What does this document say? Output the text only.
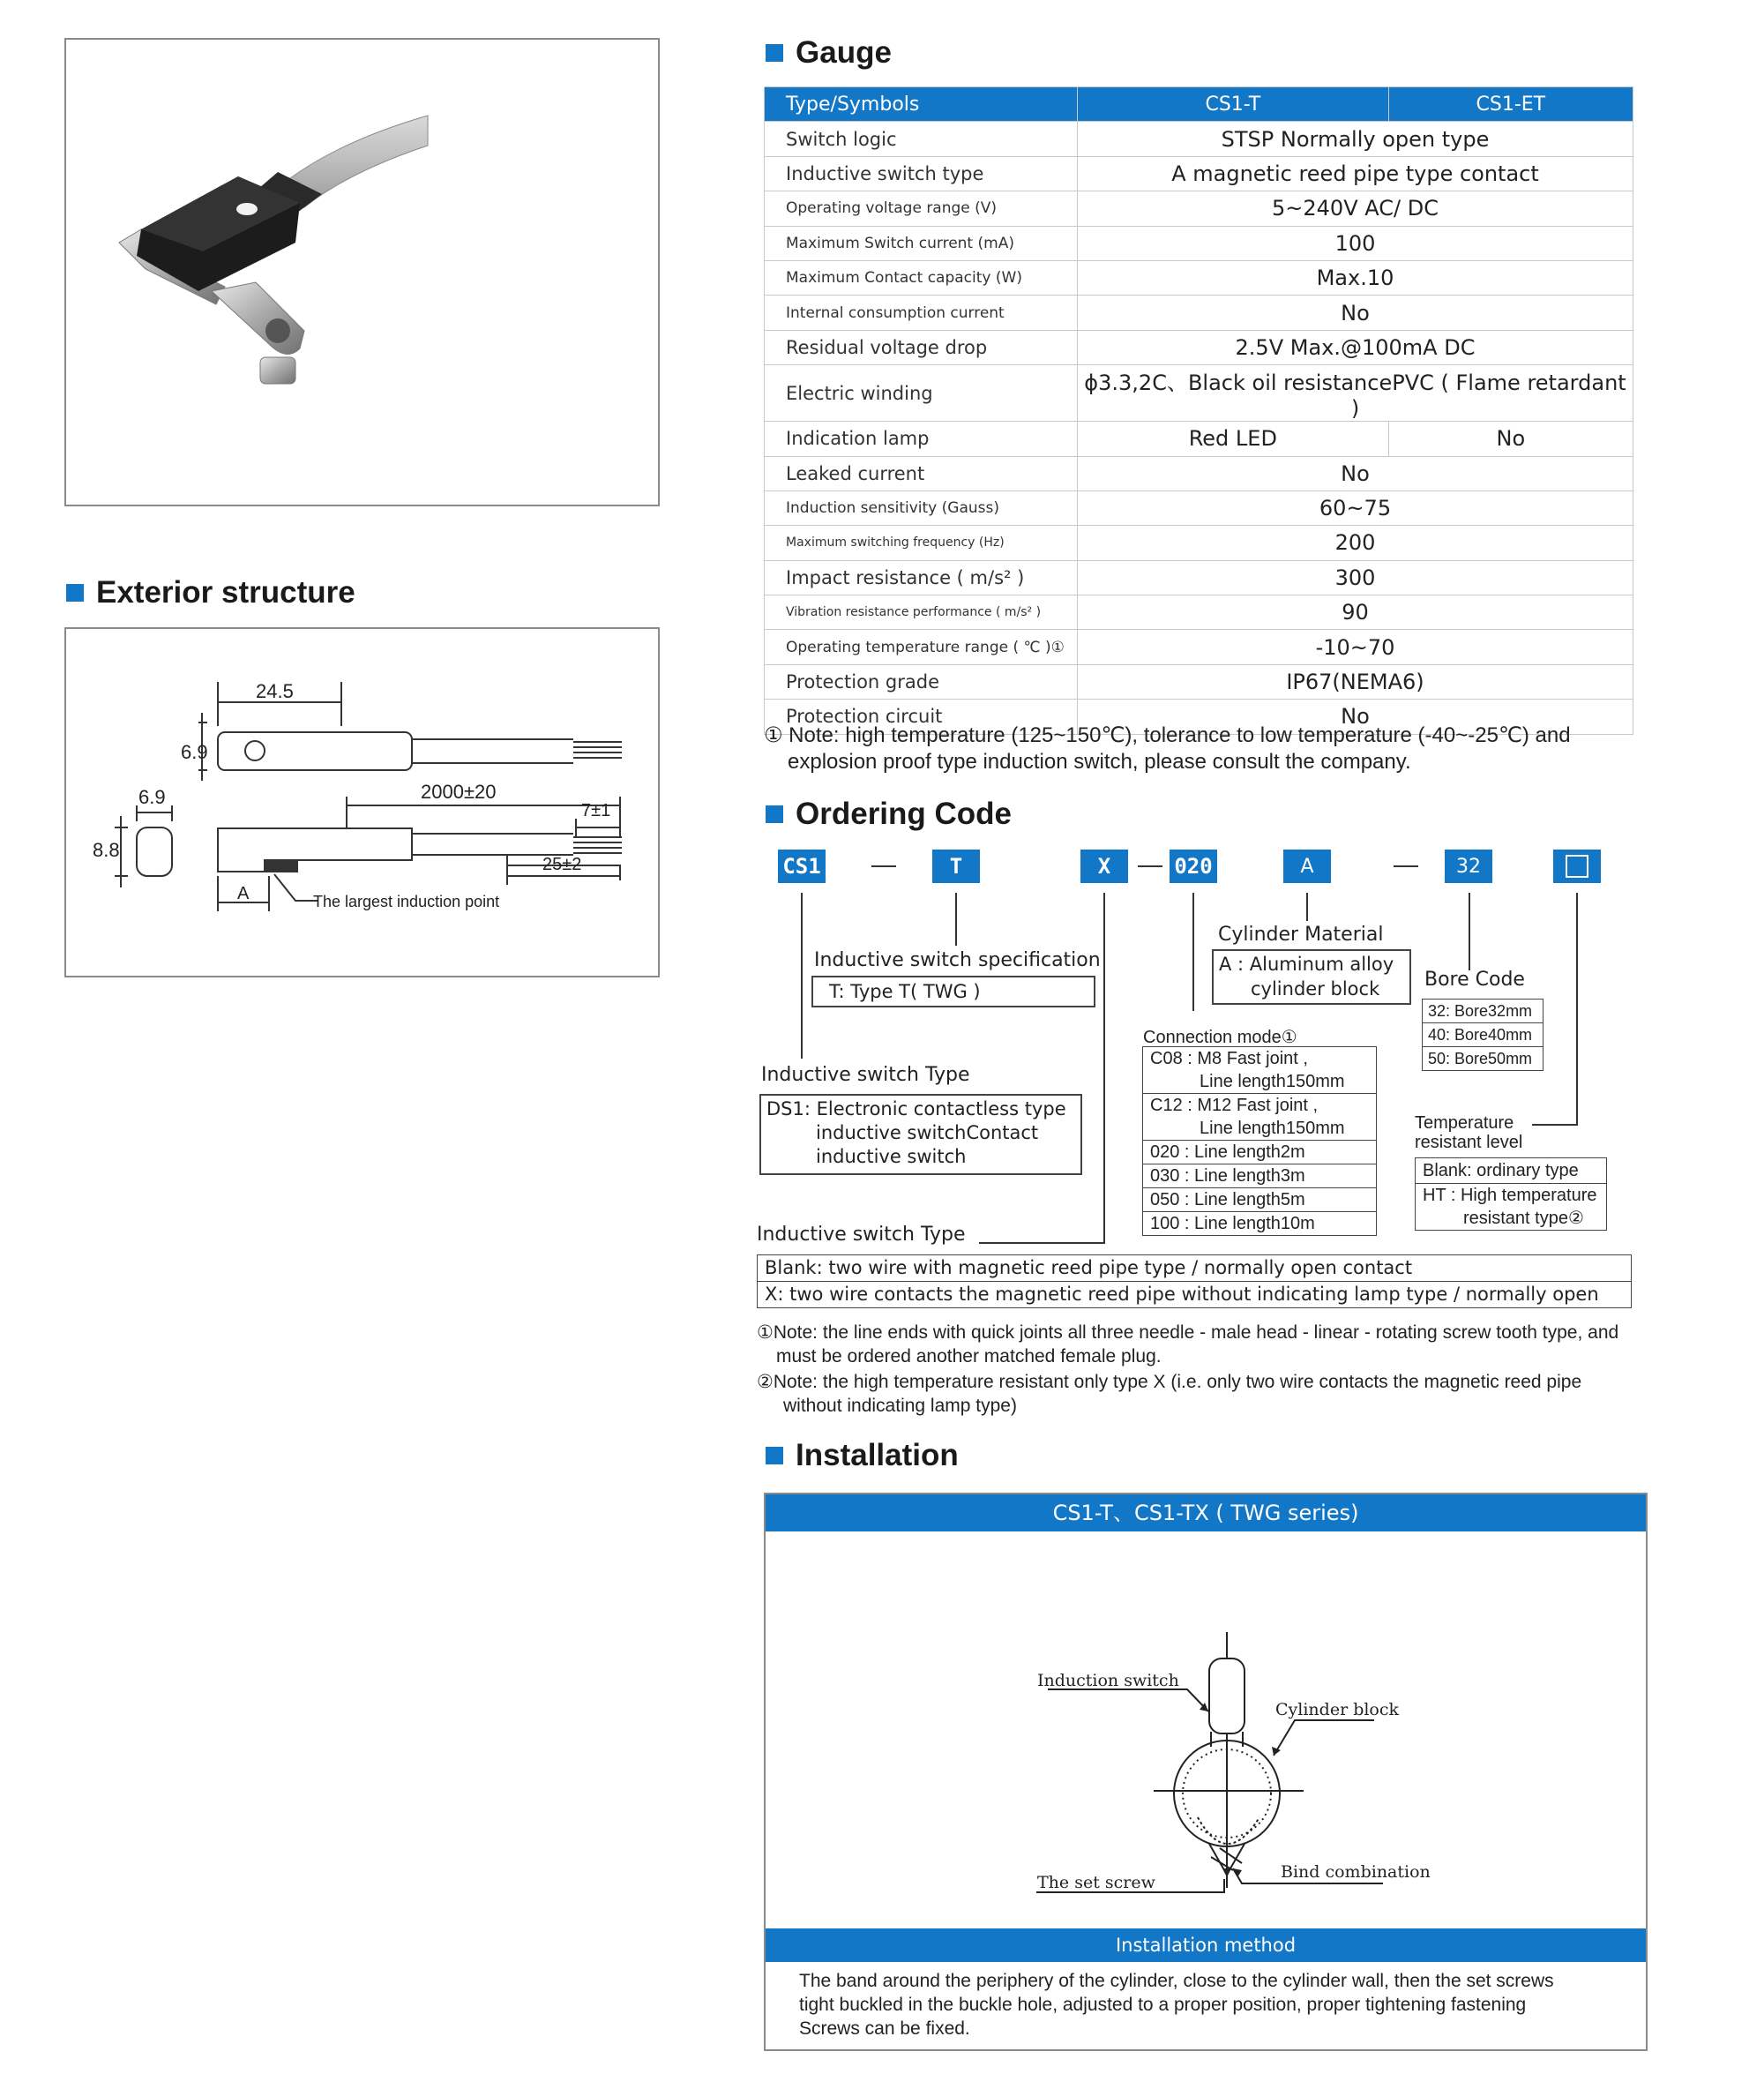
Exterior structure
24.5
6.9
2000±20
7±1
25±2
6.9
8.8
A	The largest induction point
Gauge
Type/Symbols	CS1-T	CS1-ET
Switch logic	STSP Normally open type	
Inductive switch type	A magnetic reed pipe type contact	
Operating voltage range (V)	5~240V AC/ DC	
Maximum Switch current (mA)	100	
Maximum Contact capacity (W)	Max.10	
Internal consumption current	No	
Residual voltage drop	2.5V Max.@100mA DC	
Electric winding	ϕ3.3,2C、Black oil resistancePVC ( Flame retardant )	
Indication lamp	Red LED	No
Leaked current	No	
Induction sensitivity (Gauss)	60~75	
Maximum switching frequency (Hz)	200	
Impact resistance ( m/s² )	300	
Vibration resistance performance ( m/s² )	90	
Operating temperature range ( ℃ )①	-10~70	
Protection grade	IP67(NEMA6)	
Protection circuit	No	
① Note: high temperature (125~150℃), tolerance to low temperature (-40~-25℃) and
explosion proof type induction switch, please consult the company.
Ordering Code
CS1	T	X	020	A	32
Inductive switch specification
T: Type T( TWG )
Inductive switch Type
DS1: Electronic contactless type
inductive switchContact
inductive switch
Cylinder Material
A : Aluminum alloy
cylinder block	Bore Code
32: Bore32mm
40: Bore40mm
50: Bore50mm
Connection mode①
C08 : M8 Fast joint ,
Line length150mm
C12 : M12 Fast joint ,
Line length150mm
020 : Line length2m
030 : Line length3m
050 : Line length5m
100 : Line length10m
Temperature
resistant level
Blank: ordinary type
HT : High temperature
resistant type②
Inductive switch Type
Blank: two wire with magnetic reed pipe type / normally open contact
X: two wire contacts the magnetic reed pipe without indicating lamp type / normally open
①Note: the line ends with quick joints all three needle - male head - linear - rotating screw tooth type, and
must be ordered another matched female plug.
②Note: the high temperature resistant only type X (i.e. only two wire contacts the magnetic reed pipe
without indicating lamp type)
Installation
CS1-T、CS1-TX ( TWG series)
Induction switch
Cylinder block
The set screw
Bind combination
Installation method
The band around the periphery of the cylinder, close to the cylinder wall, then the set screws
tight buckled in the buckle hole, adjusted to a proper position, proper tightening fastening
Screws can be fixed.
